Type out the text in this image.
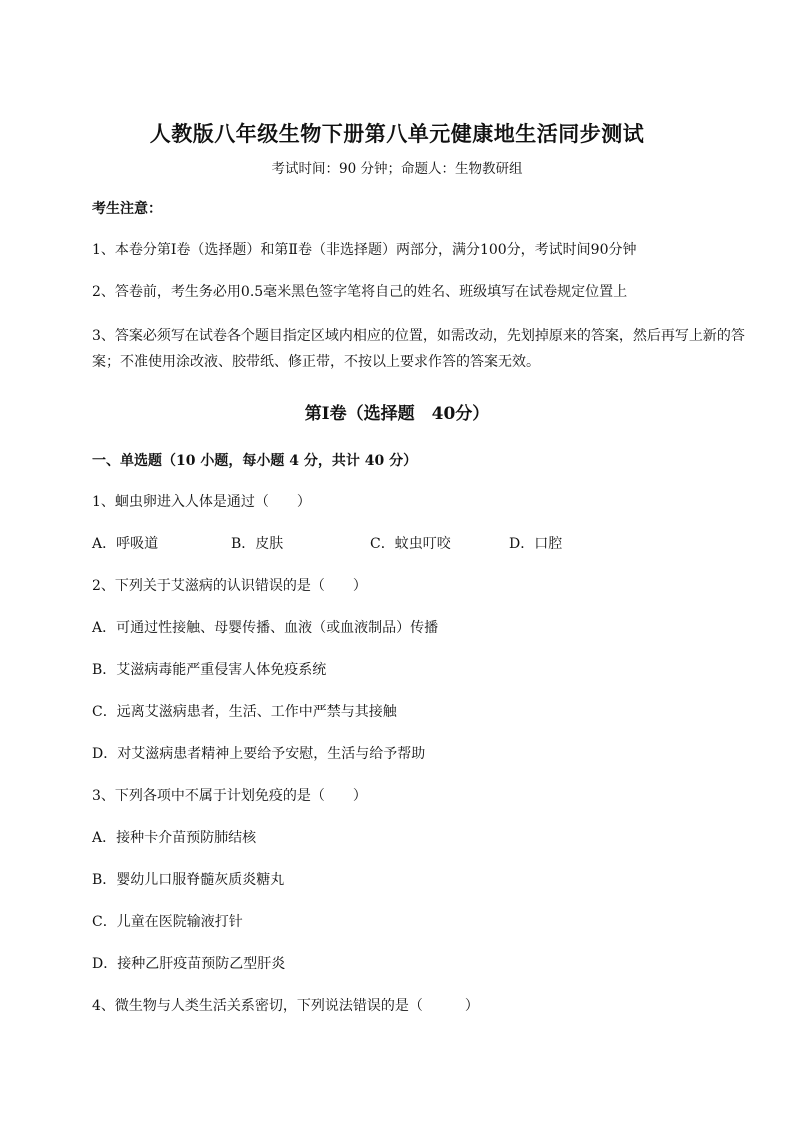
人教版八年级生物下册第八单元健康地生活同步测试
考试时间：90 分钟；命题人：生物教研组
考生注意：
1、本卷分第Ⅰ卷（选择题）和第Ⅱ卷（非选择题）两部分，满分100分，考试时间90分钟
2、答卷前，考生务必用0.5毫米黑色签字笔将自己的姓名、班级填写在试卷规定位置上
3、答案必须写在试卷各个题目指定区域内相应的位置，如需改动，先划掉原来的答案，然后再写上新的答案；不准使用涂改液、胶带纸、修正带，不按以上要求作答的答案无效。
第Ⅰ卷（选择题　40分）
一、单选题（10 小题，每小题 4 分，共计 40 分）
1、蛔虫卵进入人体是通过（　　）
A．呼吸道	B．皮肤	C．蚊虫叮咬	D．口腔
2、下列关于艾滋病的认识错误的是（　　）
A．可通过性接触、母婴传播、血液（或血液制品）传播
B．艾滋病毒能严重侵害人体免疫系统
C．远离艾滋病患者，生活、工作中严禁与其接触
D．对艾滋病患者精神上要给予安慰，生活与给予帮助
3、下列各项中不属于计划免疫的是（　　）
A．接种卡介苗预防肺结核
B．婴幼儿口服脊髓灰质炎糖丸
C．儿童在医院输液打针
D．接种乙肝疫苗预防乙型肝炎
4、微生物与人类生活关系密切，下列说法错误的是（　　　）
